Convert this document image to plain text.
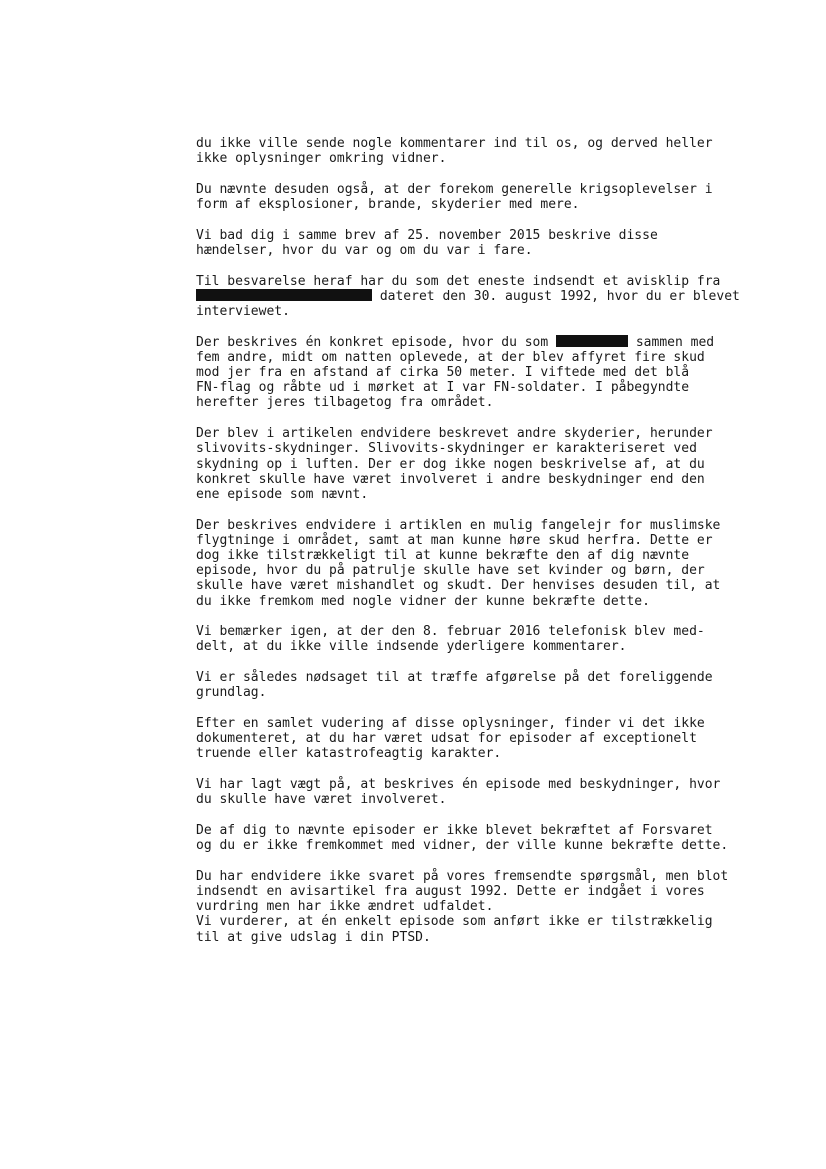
du ikke ville sende nogle kommentarer ind til os, og derved heller
ikke oplysninger omkring vidner.
Du nævnte desuden også, at der forekom generelle krigsoplevelser i
form af eksplosioner, brande, skyderier med mere.
Vi bad dig i samme brev af 25. november 2015 beskrive disse
hændelser, hvor du var og om du var i fare.
Til besvarelse heraf har du som det eneste indsendt et avisklip fra
dateret den 30. august 1992, hvor du er blevet
interviewet.
Der beskrives én konkret episode, hvor du som	sammen med
fem andre, midt om natten oplevede, at der blev affyret fire skud
mod jer fra en afstand af cirka 50 meter. I viftede med det blå
FN-flag og råbte ud i mørket at I var FN-soldater. I påbegyndte
herefter jeres tilbagetog fra området.
Der blev i artikelen endvidere beskrevet andre skyderier, herunder
slivovits-skydninger. Slivovits-skydninger er karakteriseret ved
skydning op i luften. Der er dog ikke nogen beskrivelse af, at du
konkret skulle have været involveret i andre beskydninger end den
ene episode som nævnt.
Der beskrives endvidere i artiklen en mulig fangelejr for muslimske
flygtninge i området, samt at man kunne høre skud herfra. Dette er
dog ikke tilstrækkeligt til at kunne bekræfte den af dig nævnte
episode, hvor du på patrulje skulle have set kvinder og børn, der
skulle have været mishandlet og skudt. Der henvises desuden til, at
du ikke fremkom med nogle vidner der kunne bekræfte dette.
Vi bemærker igen, at der den 8. februar 2016 telefonisk blev med-
delt, at du ikke ville indsende yderligere kommentarer.
Vi er således nødsaget til at træffe afgørelse på det foreliggende
grundlag.
Efter en samlet vudering af disse oplysninger, finder vi det ikke
dokumenteret, at du har været udsat for episoder af exceptionelt
truende eller katastrofeagtig karakter.
Vi har lagt vægt på, at beskrives én episode med beskydninger, hvor
du skulle have været involveret.
De af dig to nævnte episoder er ikke blevet bekræftet af Forsvaret
og du er ikke fremkommet med vidner, der ville kunne bekræfte dette.
Du har endvidere ikke svaret på vores fremsendte spørgsmål, men blot
indsendt en avisartikel fra august 1992. Dette er indgået i vores
vurdring men har ikke ændret udfaldet.
Vi vurderer, at én enkelt episode som anført ikke er tilstrækkelig
til at give udslag i din PTSD.
